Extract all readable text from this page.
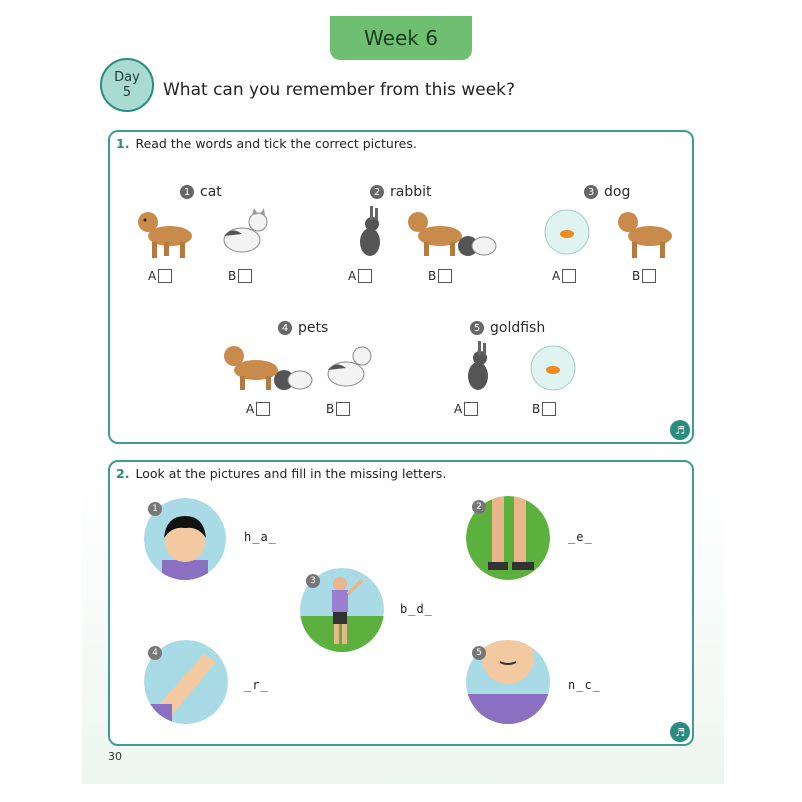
Week 6
Day
5 What can you remember from this week?
1. Read the words and tick the correct pictures.
1 cat
A	B
2 rabbit
A	B
3 dog
A	B
4 pets
A	B
5 goldfish
A	B
♬
2. Look at the pictures and fill in the missing letters.
1
h_a_
2
_e_
3
b_d_
4
_r_
5
n_c_
♬
30
